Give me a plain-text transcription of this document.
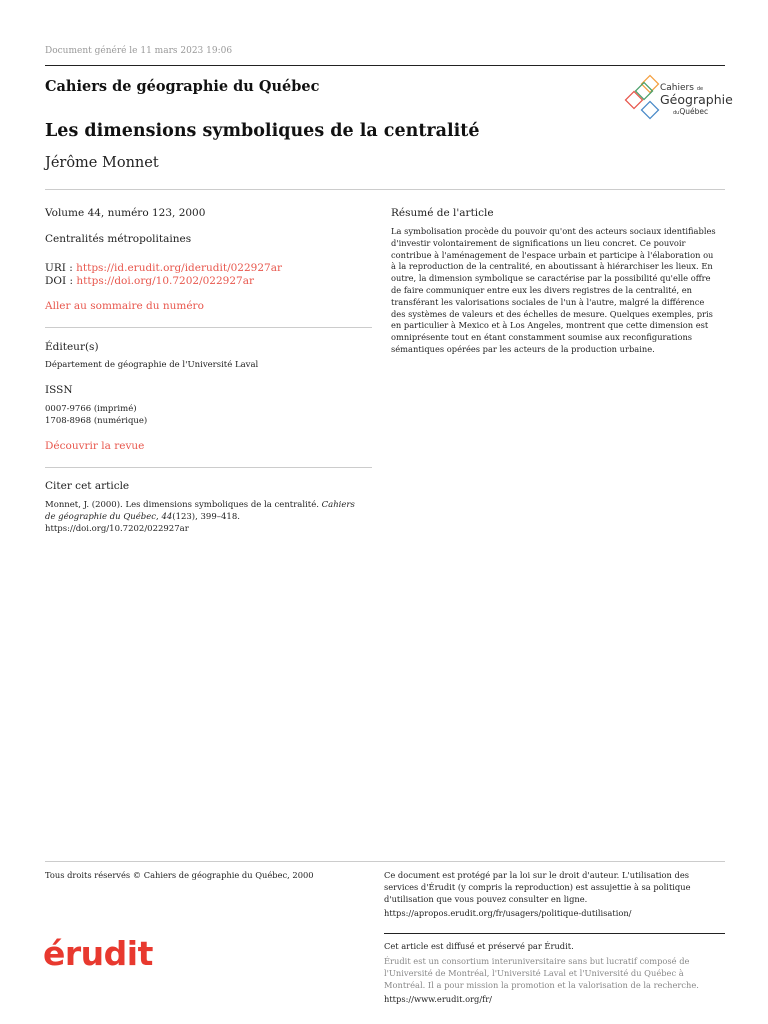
Document généré le 11 mars 2023 19:06
Cahiers de géographie du Québec	Cahiers de
Géographie
duQuébec
Les dimensions symboliques de la centralité
Jérôme Monnet
Volume 44, numéro 123, 2000
Centralités métropolitaines
URI : https://id.erudit.org/iderudit/022927ar
DOI : https://doi.org/10.7202/022927ar
Aller au sommaire du numéro
Éditeur(s)
Département de géographie de l'Université Laval
ISSN
0007-9766 (imprimé)
1708-8968 (numérique)
Découvrir la revue
Citer cet article
Monnet, J. (2000). Les dimensions symboliques de la centralité. Cahiers de géographie du Québec, 44(123), 399–418. https://doi.org/10.7202/022927ar
Résumé de l'article
La symbolisation procède du pouvoir qu'ont des acteurs sociaux identifiables d'investir volontairement de significations un lieu concret. Ce pouvoir contribue à l'aménagement de l'espace urbain et participe à l'élaboration ou à la reproduction de la centralité, en aboutissant à hiérarchiser les lieux. En outre, la dimension symbolique se caractérise par la possibilité qu'elle offre de faire communiquer entre eux les divers registres de la centralité, en transférant les valorisations sociales de l'un à l'autre, malgré la différence des systèmes de valeurs et des échelles de mesure. Quelques exemples, pris en particulier à Mexico et à Los Angeles, montrent que cette dimension est omniprésente tout en étant constamment soumise aux reconfigurations sémantiques opérées par les acteurs de la production urbaine.
Tous droits réservés © Cahiers de géographie du Québec, 2000	Ce document est protégé par la loi sur le droit d'auteur. L'utilisation des services d'Érudit (y compris la reproduction) est assujettie à sa politique d'utilisation que vous pouvez consulter en ligne.
https://apropos.erudit.org/fr/usagers/politique-dutilisation/
érudit	Cet article est diffusé et préservé par Érudit.
Érudit est un consortium interuniversitaire sans but lucratif composé de l'Université de Montréal, l'Université Laval et l'Université du Québec à Montréal. Il a pour mission la promotion et la valorisation de la recherche.
https://www.erudit.org/fr/
